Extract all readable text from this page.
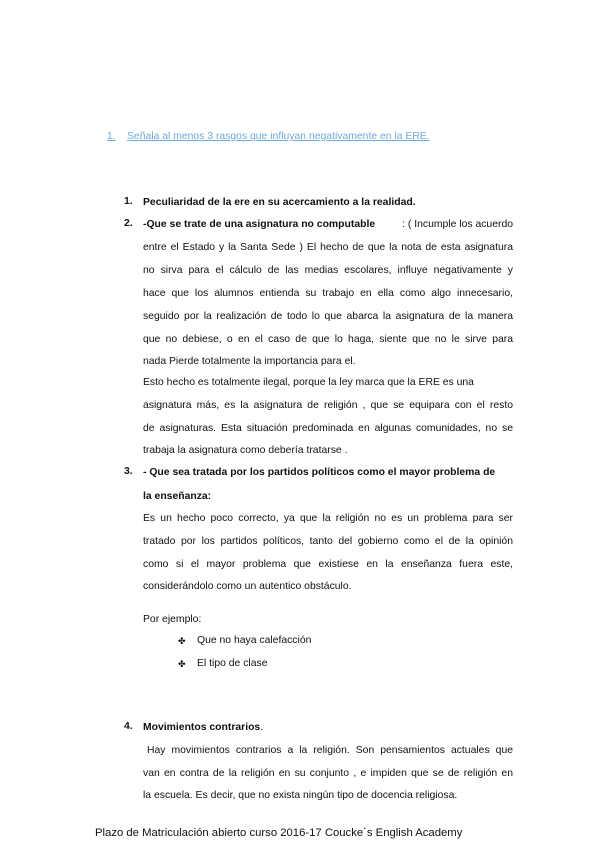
1. Señala al menos 3 rasgos que influyan negativamente en la ERE.
1. Peculiaridad de la ere en su acercamiento a la realidad.
2. -Que se trate de una asignatura no computable	: ( Incumple los acuerdo
entre el Estado y la Santa Sede ) El hecho de que la nota de esta asignatura
no sirva para el cálculo de las medias escolares, influye negativamente y
hace que los alumnos entienda su trabajo en ella como algo innecesario,
seguido por la realización de todo lo que abarca la asignatura de la manera
que no debiese, o en el caso de que lo haga, siente que no le sirve para
nada Pierde totalmente la importancia para el.
Esto hecho es totalmente ilegal, porque la ley marca que la ERE es una
asignatura más, es la asignatura de religión , que se equipara con el resto
de asignaturas. Esta situación predominada en algunas comunidades, no se
trabaja la asignatura como debería tratarse .
3. - Que sea tratada por los partidos políticos como el mayor problema de
la enseñanza:
Es un hecho poco correcto, ya que la religión no es un problema para ser
tratado por los partidos políticos, tanto del gobierno como el de la opinión
como si el mayor problema que existiese en la enseñanza fuera este,
considerándolo como un autentico obstáculo.
Por ejemplo:
✤ Que no haya calefacción
✤ El tipo de clase
4. Movimientos contrarios.
Hay movimientos contrarios a la religión. Son pensamientos actuales que
van en contra de la religión en su conjunto , e impiden que se de religión en
la escuela. Es decir, que no exista ningún tipo de docencia religiosa.
Plazo de Matriculación abierto curso 2016-17 Coucke´s English Academy
